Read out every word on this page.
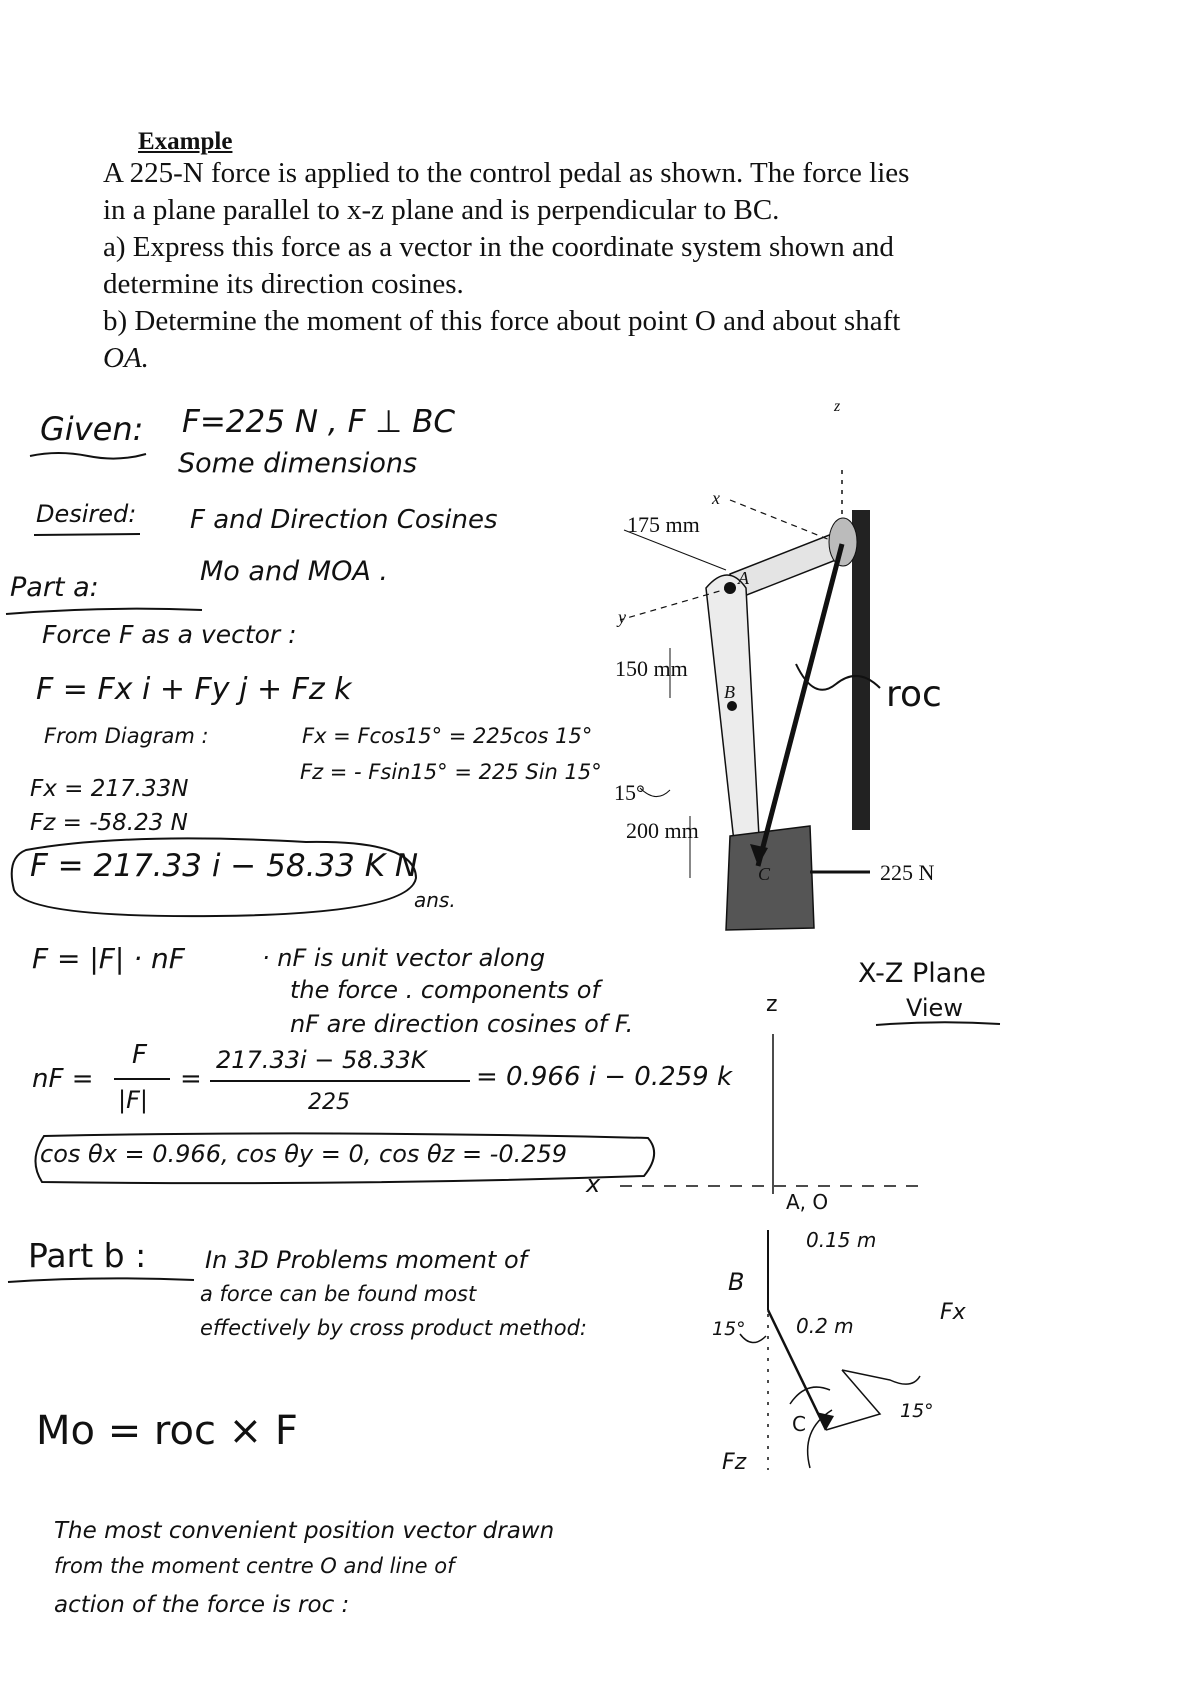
Example
A 225-N force is applied to the control pedal as shown. The force lies
in a plane parallel to x-z plane and is perpendicular to BC.
a) Express this force as a vector in the coordinate system shown and
determine its direction cosines.
b) Determine the moment of this force about point O and about shaft
OA.
Given: F=225 N , F ⊥ BC
Some dimensions
Desired: F and Direction Cosines
Mo and MOA .
Part a:
Force F as a vector :
F = Fx i + Fy j + Fz k
From Diagram :	Fx = Fcos15° = 225cos 15°
Fz = - Fsin15° = 225 Sin 15°
Fx = 217.33N
Fz = -58.23 N
F = 217.33 i − 58.33 K N
ans.
F = |F| · nF	· nF is unit vector along
the force . components of
nF are direction cosines of F.
nF =
F
|F|
=
217.33i − 58.33K
225
= 0.966 i − 0.259 k
cos θx = 0.966, cos θy = 0, cos θz = -0.259
Part b : In 3D Problems moment of
a force can be found most
effectively by cross product method:
Mo = roc × F
The most convenient position vector drawn
from the moment centre O and line of
action of the force is roc :
175 mm
150 mm
200 mm
15°
225 N
x
y
z
A
B
C
roc
X-Z Plane
View
z
x
A, O
0.15 m
B
15°	0.2 m
Fx
C
15°
Fz
